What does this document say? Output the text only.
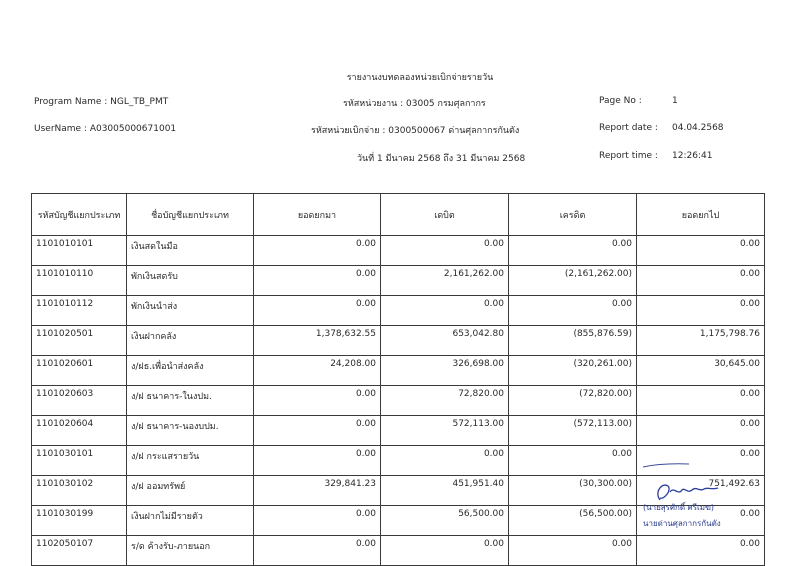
รายงานงบทดลองหน่วยเบิกจ่ายรายวัน
Program Name : NGL_TB_PMT	รหัสหน่วยงาน : 03005 กรมศุลกากร	Page No :	1
UserName : A03005000671001	รหัสหน่วยเบิกจ่าย : 0300500067 ด่านศุลกากรกันตัง	Report date : 04.04.2568
วันที่ 1 มีนาคม 2568 ถึง 31 มีนาคม 2568	Report time : 12:26:41
รหัสบัญชีแยกประเภท	ชื่อบัญชีแยกประเภท	ยอดยกมา	เดบิต	เครดิต	ยอดยกไป
1101010101	เงินสดในมือ	0.00	0.00	0.00	0.00
1101010110	พักเงินสดรับ	0.00	2,161,262.00	(2,161,262.00)	0.00
1101010112	พักเงินนำส่ง	0.00	0.00	0.00	0.00
1101020501	เงินฝากคลัง	1,378,632.55	653,042.80	(855,876.59)	1,175,798.76
1101020601	ง/ฝธ.เพื่อนำส่งคลัง	24,208.00	326,698.00	(320,261.00)	30,645.00
1101020603	ง/ฝ ธนาคาร-ในงปม.	0.00	72,820.00	(72,820.00)	0.00
1101020604	ง/ฝ ธนาคาร-นองบปม.	0.00	572,113.00	(572,113.00)	0.00
1101030101	ง/ฝ กระแสรายวัน	0.00	0.00	0.00	0.00
1101030102	ง/ฝ ออมทรัพย์	329,841.23	451,951.40	(30,300.00)	751,492.63
1101030199	เงินฝากไม่มีรายตัว	0.00	56,500.00	(56,500.00)	0.00
1102050107	ร/ด ค้างรับ-ภายนอก	0.00	0.00	0.00	0.00
(นายสุรศักดิ์ ศรีเมฆ)
นายด่านศุลกากรกันตัง
